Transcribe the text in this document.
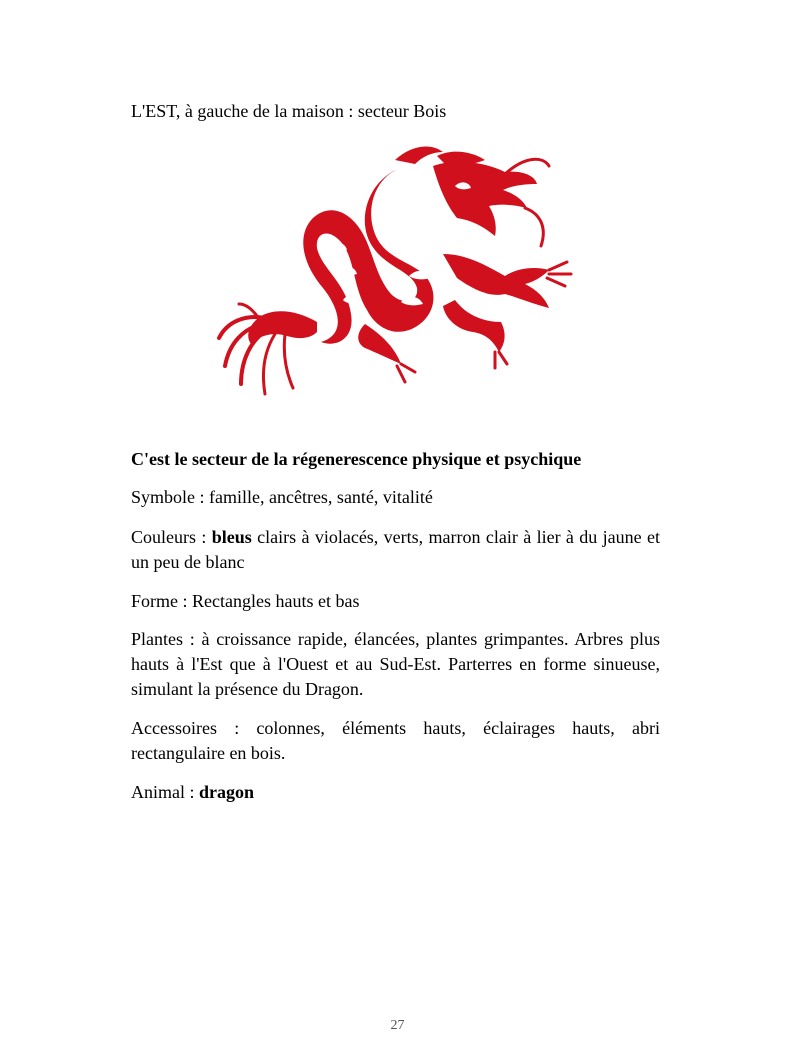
L'EST, à gauche de la maison : secteur Bois
C'est le secteur de la régenerescence physique et psychique
Symbole : famille, ancêtres, santé, vitalité
Couleurs : bleus clairs à violacés, verts, marron clair à lier à du jaune et un peu de blanc
Forme : Rectangles hauts et bas
Plantes : à croissance rapide, élancées, plantes grimpantes. Arbres plus hauts à l'Est que à l'Ouest et au Sud-Est. Parterres en forme sinueuse, simulant la présence du Dragon.
Accessoires : colonnes, éléments hauts, éclairages hauts, abri rectangulaire en bois.
Animal : dragon
27
